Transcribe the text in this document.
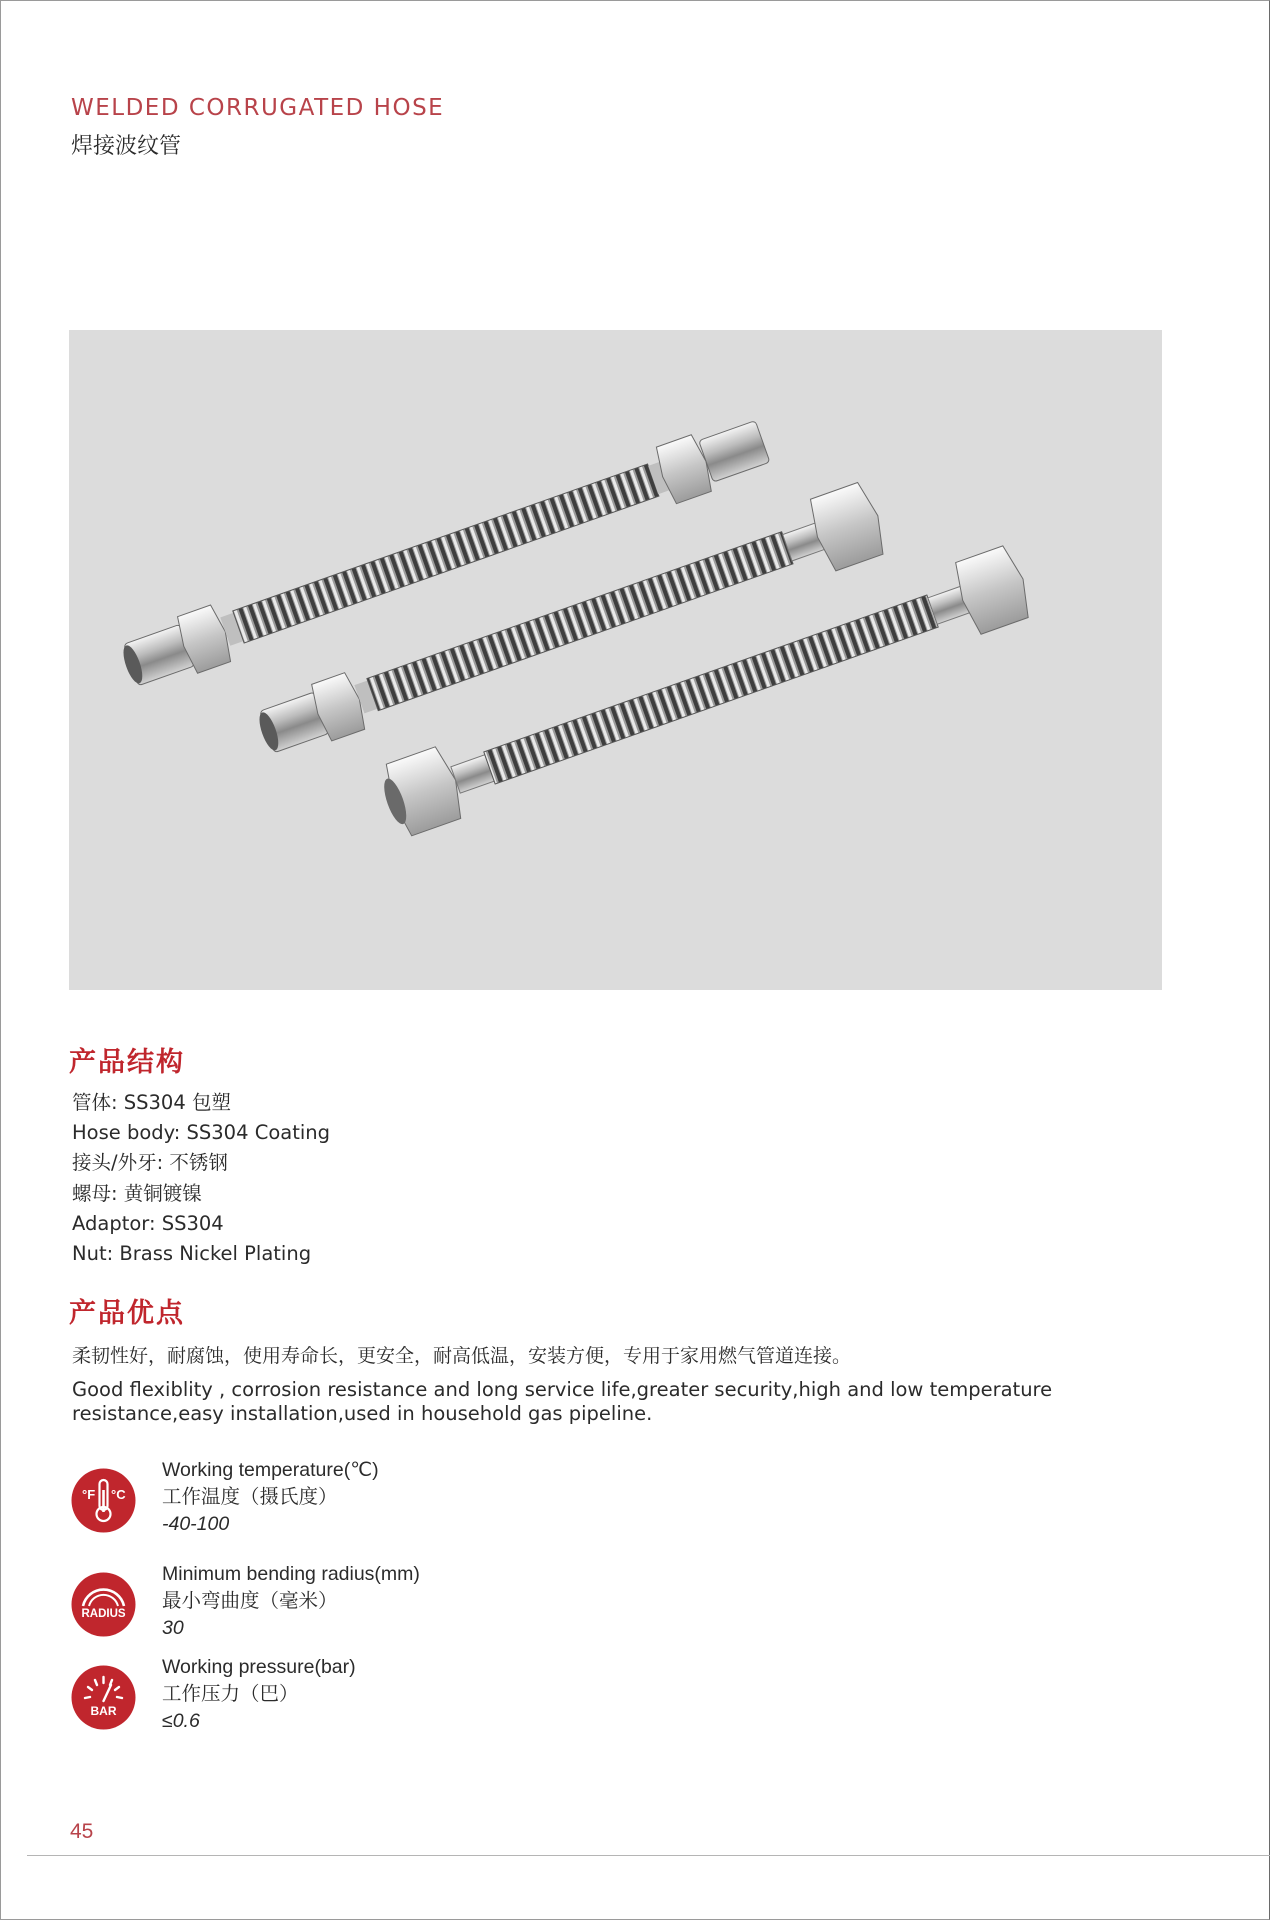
WELDED CORRUGATED HOSE
焊接波纹管
产品结构
管体: SS304 包塑
Hose body: SS304 Coating
接头/外牙: 不锈钢
螺母: 黄铜镀镍
Adaptor: SS304
Nut: Brass Nickel Plating
产品优点
柔韧性好，耐腐蚀，使用寿命长，更安全，耐高低温，安装方便，专用于家用燃气管道连接。
Good flexiblity , corrosion resistance and long service life,greater security,high and low temperature resistance,easy installation,used in household gas pipeline.
°F °C
Working temperature(℃)
工作温度（摄氏度）
-40-100
RADIUS
Minimum bending radius(mm)
最小弯曲度（毫米）
30
BAR
Working pressure(bar)
工作压力（巴）
≤0.6
45
